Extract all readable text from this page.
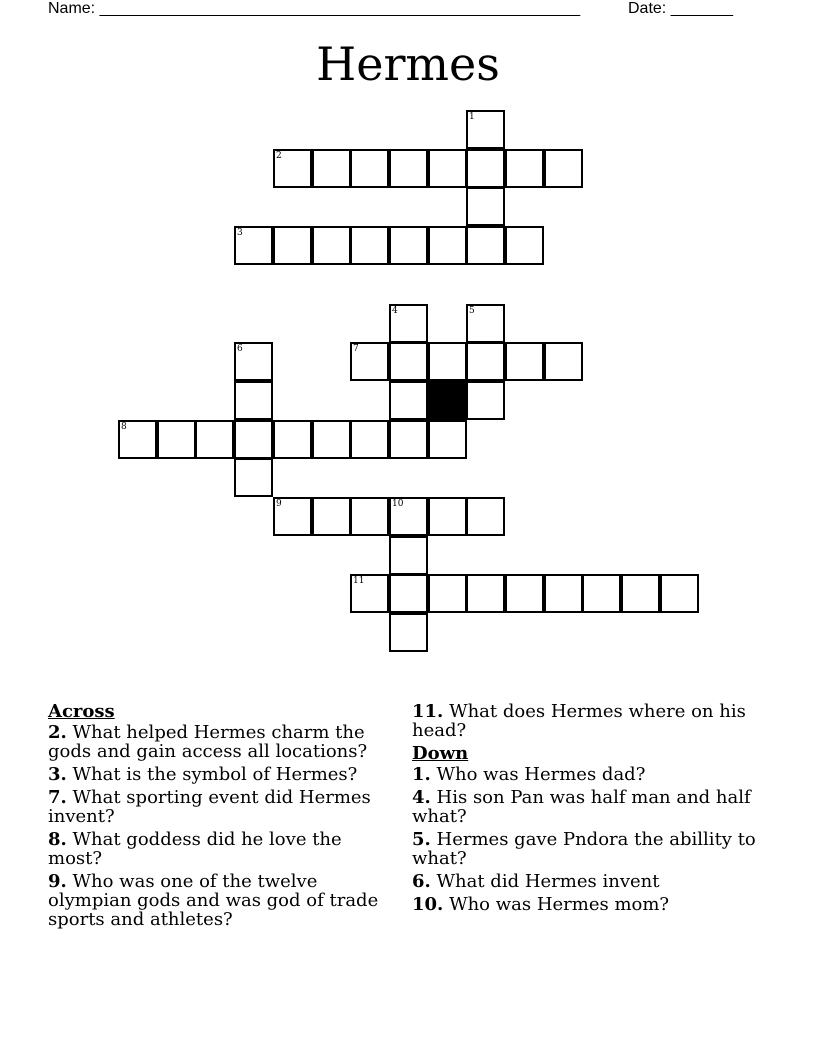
Name: ______________________________________________________	Date: _______
Hermes
1
2
3
4	5
6	7
8
9	10
11
Across
2. What helped Hermes charm the gods and gain access all locations?
3. What is the symbol of Hermes?
7. What sporting event did Hermes invent?
8. What goddess did he love the most?
9. Who was one of the twelve olympian gods and was god of trade sports and athletes?
11. What does Hermes where on his head?
Down
1. Who was Hermes dad?
4. His son Pan was half man and half what?
5. Hermes gave Pndora the abillity to what?
6. What did Hermes invent
10. Who was Hermes mom?
